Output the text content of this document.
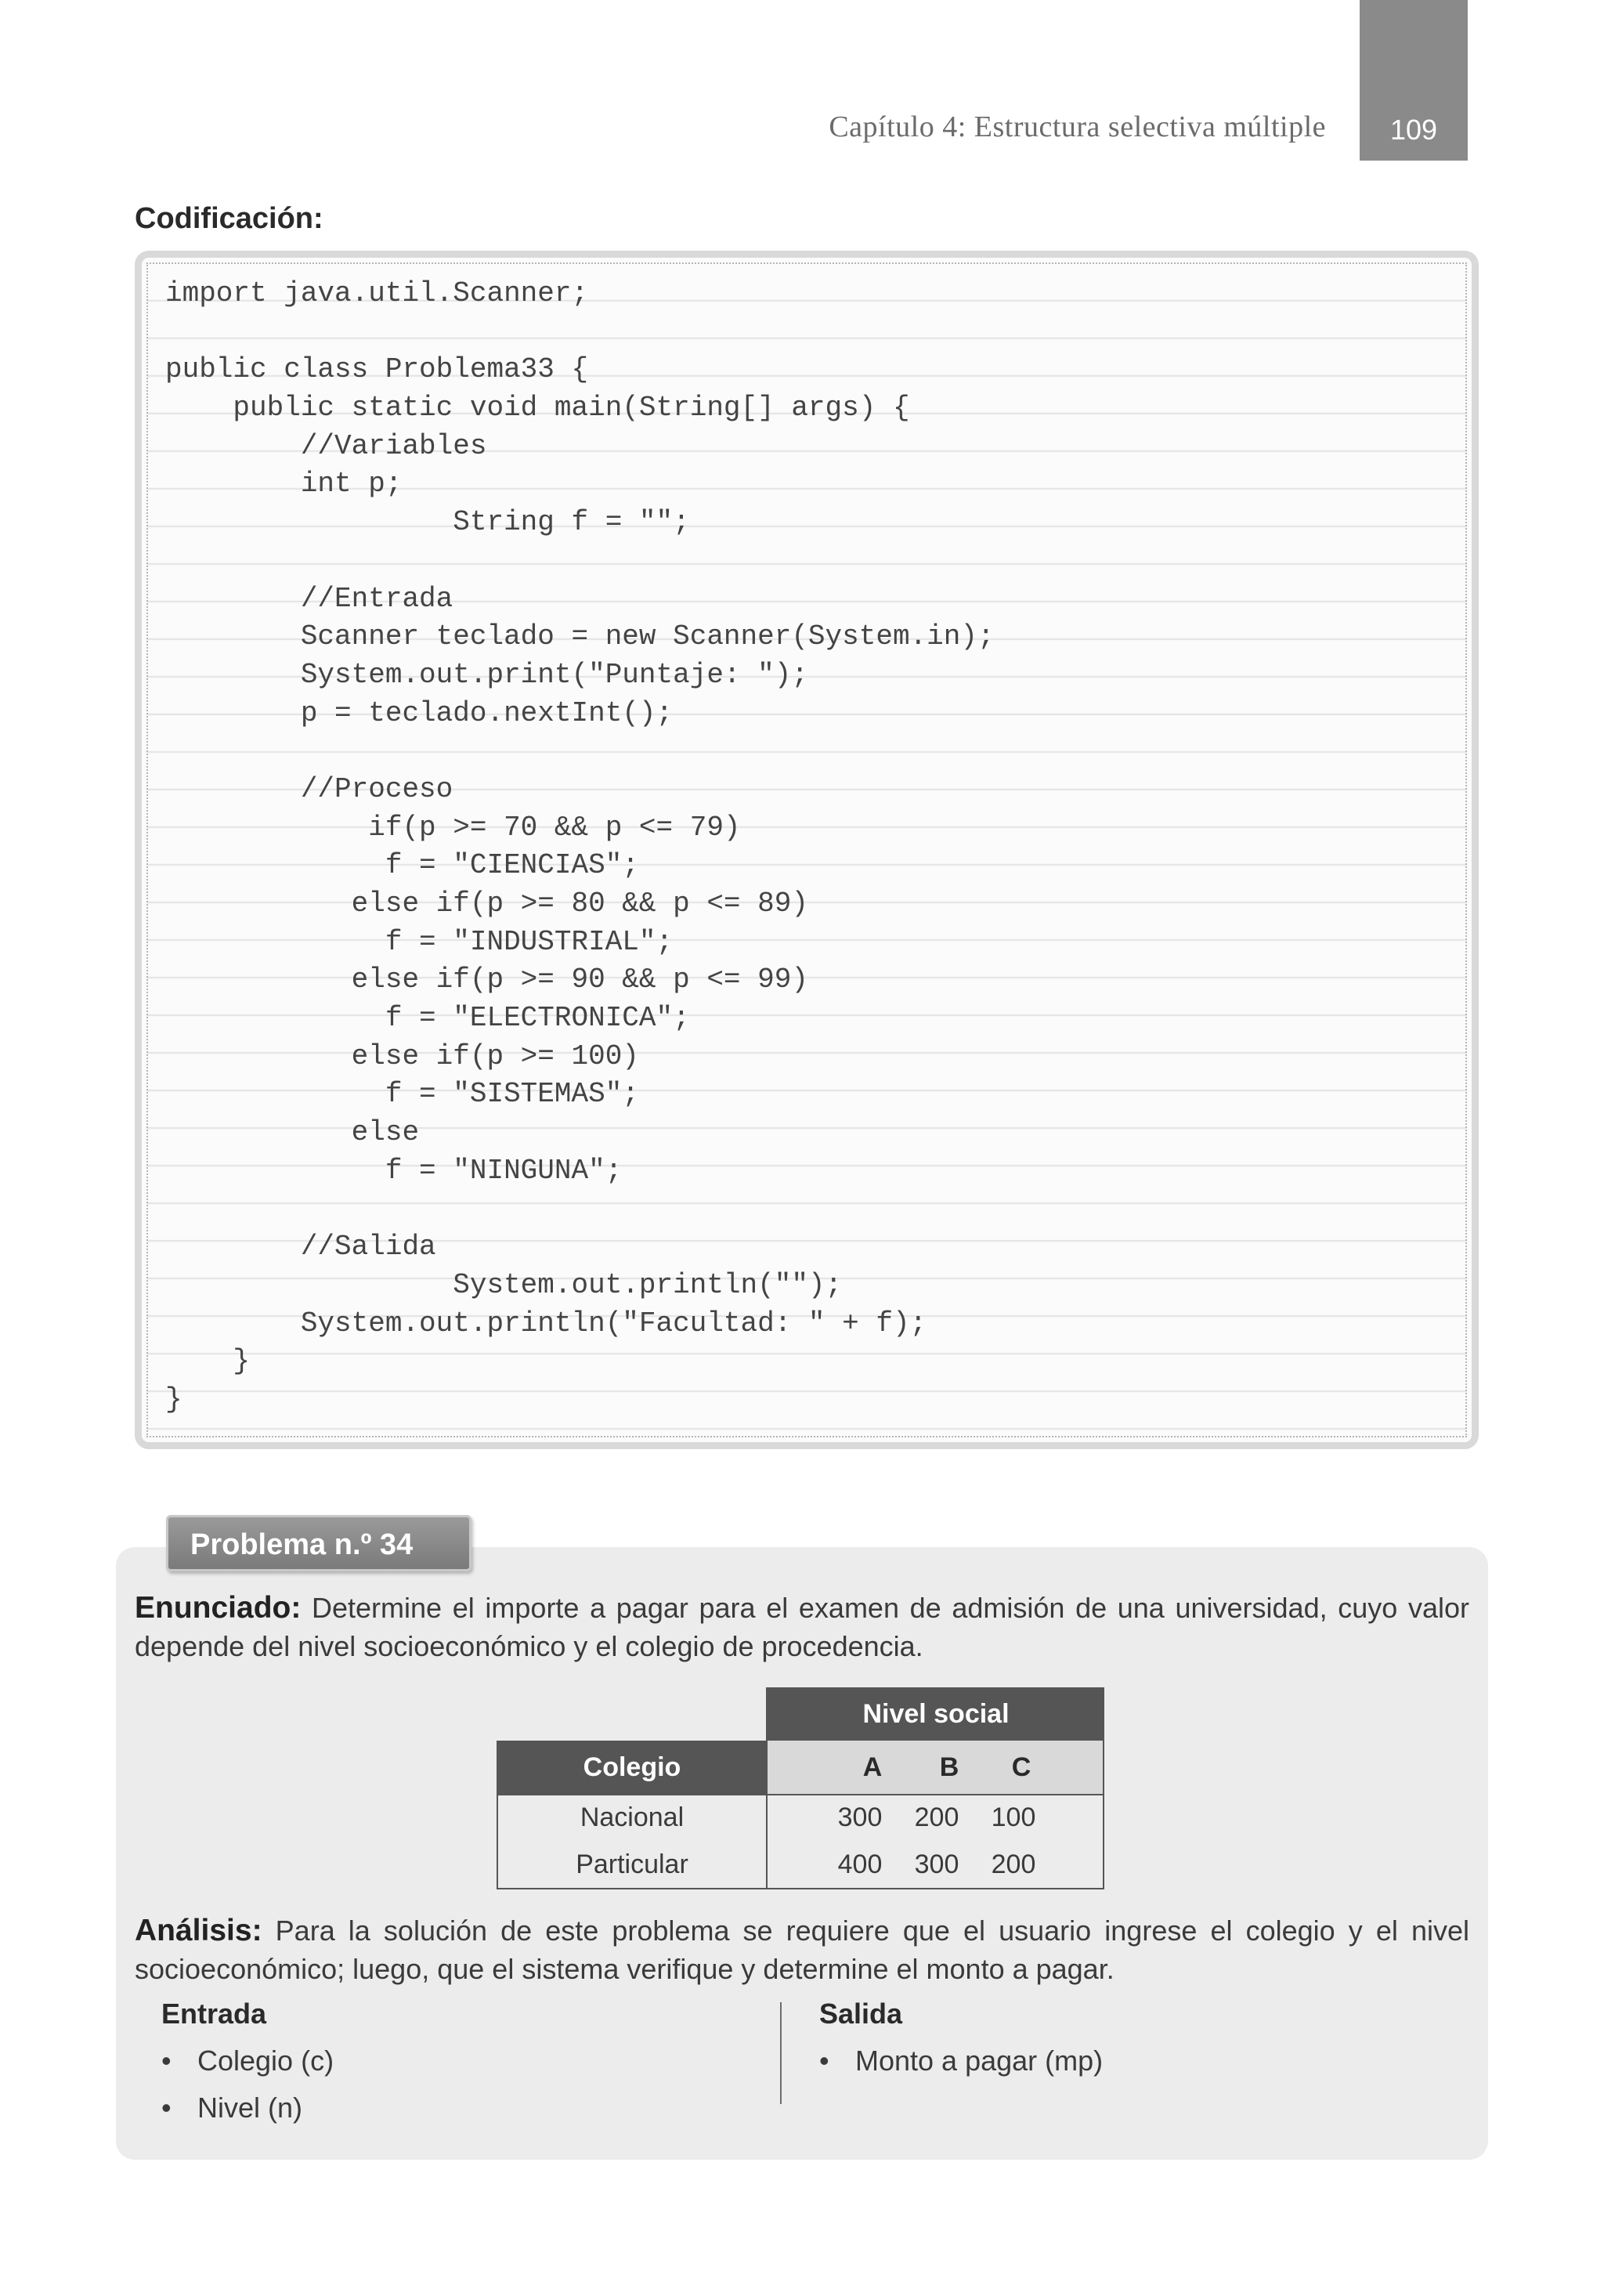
Capítulo 4: Estructura selectiva múltiple	109
Codificación:
import java.util.Scanner;
public class Problema33 {
public static void main(String[] args) {
//Variables
int p;
String f = "";
//Entrada
Scanner teclado = new Scanner(System.in);
System.out.print("Puntaje: ");
p = teclado.nextInt();
//Proceso
if(p >= 70 && p <= 79)
f = "CIENCIAS";
else if(p >= 80 && p <= 89)
f = "INDUSTRIAL";
else if(p >= 90 && p <= 99)
f = "ELECTRONICA";
else if(p >= 100)
f = "SISTEMAS";
else
f = "NINGUNA";
//Salida
System.out.println("");
System.out.println("Facultad: " + f);
}
}
Problema n.º 34
Enunciado: Determine el importe a pagar para el examen de admisión de una universidad, cuyo valor depende del nivel socioeconómico y el colegio de procedencia.
Nivel social
Colegio	A	B	C
Nacional	300	200	100
Particular	400	300	200
Análisis: Para la solución de este problema se requiere que el usuario ingrese el colegio y el nivel socioeconómico; luego, que el sistema verifique y determine el monto a pagar.
Entrada
• Colegio (c)
• Nivel (n)
Salida
• Monto a pagar (mp)
